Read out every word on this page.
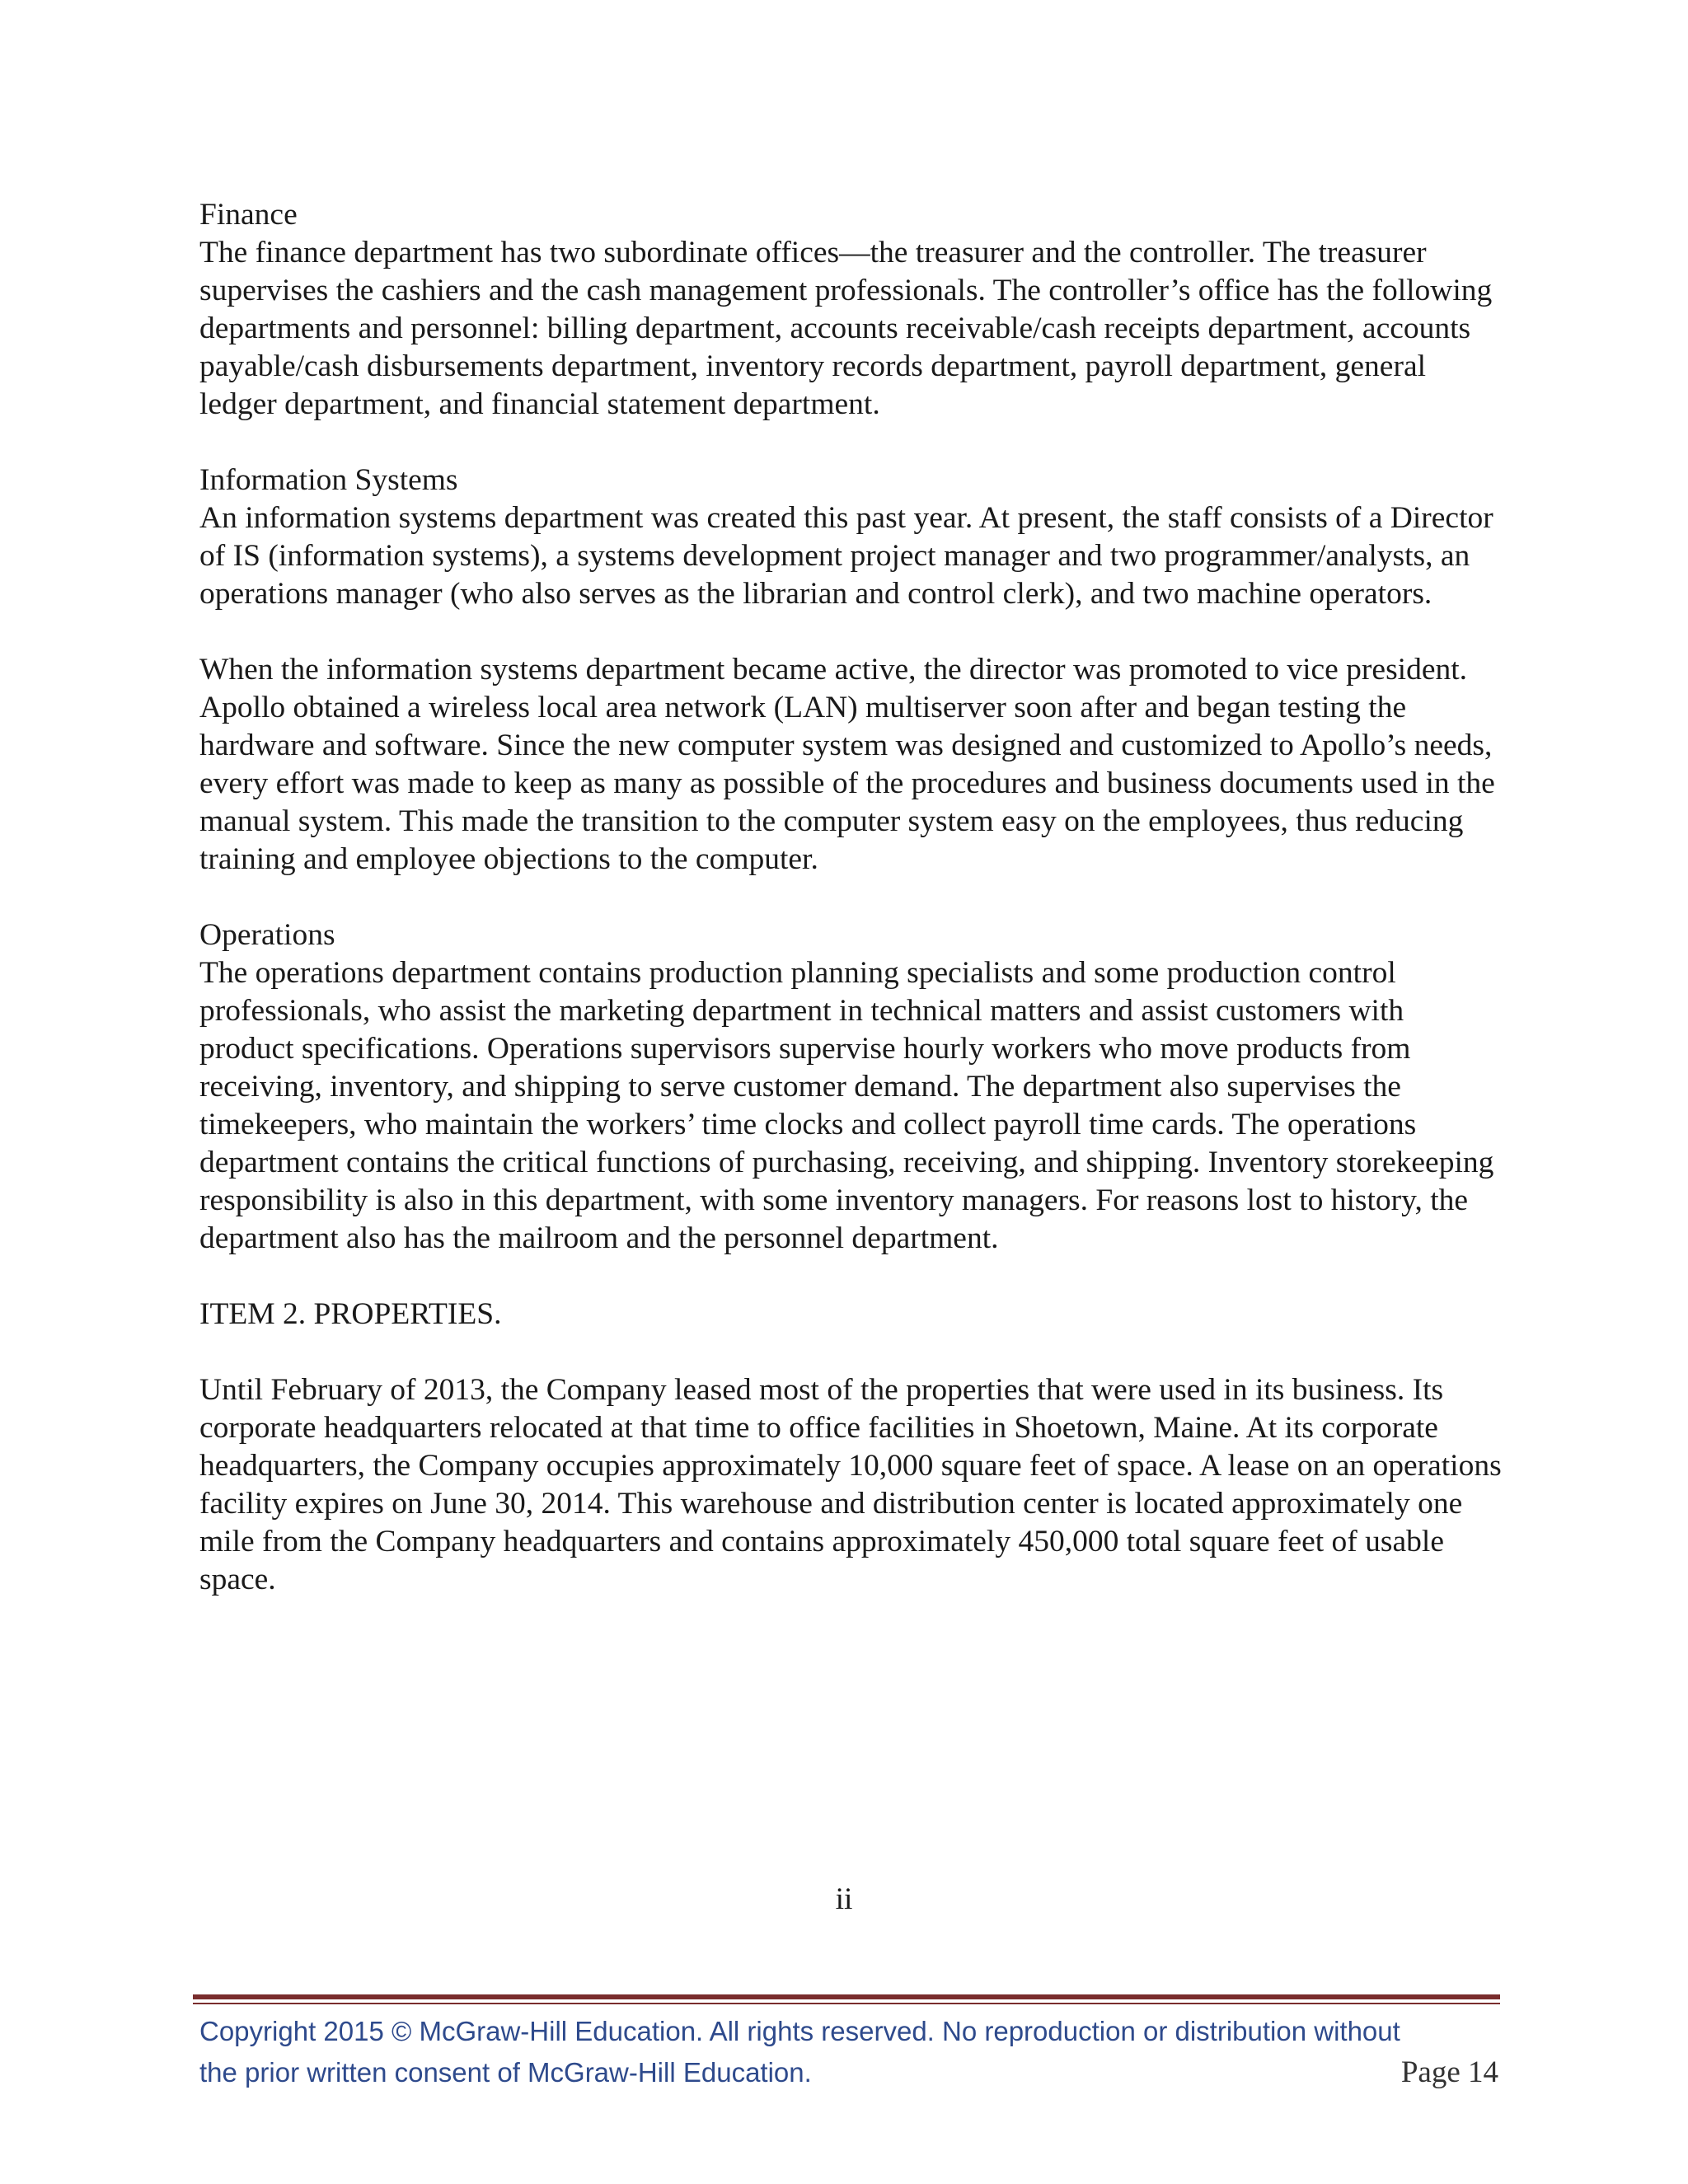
Finance

The finance department has two subordinate offices—the treasurer and the controller. The treasurer supervises the cashiers and the cash management professionals. The controller’s office has the following departments and personnel: billing department, accounts receivable/cash receipts department, accounts payable/cash disbursements department, inventory records department, payroll department, general ledger department, and financial statement department.

Information Systems

An information systems department was created this past year. At present, the staff consists of a Director of IS (information systems), a systems development project manager and two programmer/analysts, an operations manager (who also serves as the librarian and control clerk), and two machine operators.

When the information systems department became active, the director was promoted to vice president. Apollo obtained a wireless local area network (LAN) multiserver soon after and began testing the hardware and software. Since the new computer system was designed and customized to Apollo’s needs, every effort was made to keep as many as possible of the procedures and business documents used in the manual system. This made the transition to the computer system easy on the employees, thus reducing training and employee objections to the computer.

Operations

The operations department contains production planning specialists and some production control professionals, who assist the marketing department in technical matters and assist customers with product specifications. Operations supervisors supervise hourly workers who move products from receiving, inventory, and shipping to serve customer demand. The department also supervises the timekeepers, who maintain the workers’ time clocks and collect payroll time cards. The operations department contains the critical functions of purchasing, receiving, and shipping. Inventory storekeeping responsibility is also in this department, with some inventory managers. For reasons lost to history, the department also has the mailroom and the personnel department.

ITEM 2. PROPERTIES.

Until February of 2013, the Company leased most of the properties that were used in its business. Its corporate headquarters relocated at that time to office facilities in Shoetown, Maine. At its corporate headquarters, the Company occupies approximately 10,000 square feet of space. A lease on an operations facility expires on June 30, 2014. This warehouse and distribution center is located approximately one mile from the Company headquarters and contains approximately 450,000 total square feet of usable space.

ii
Copyright 2015 © McGraw-Hill Education. All rights reserved. No reproduction or distribution without
the prior written consent of McGraw-Hill Education.	Page 14
